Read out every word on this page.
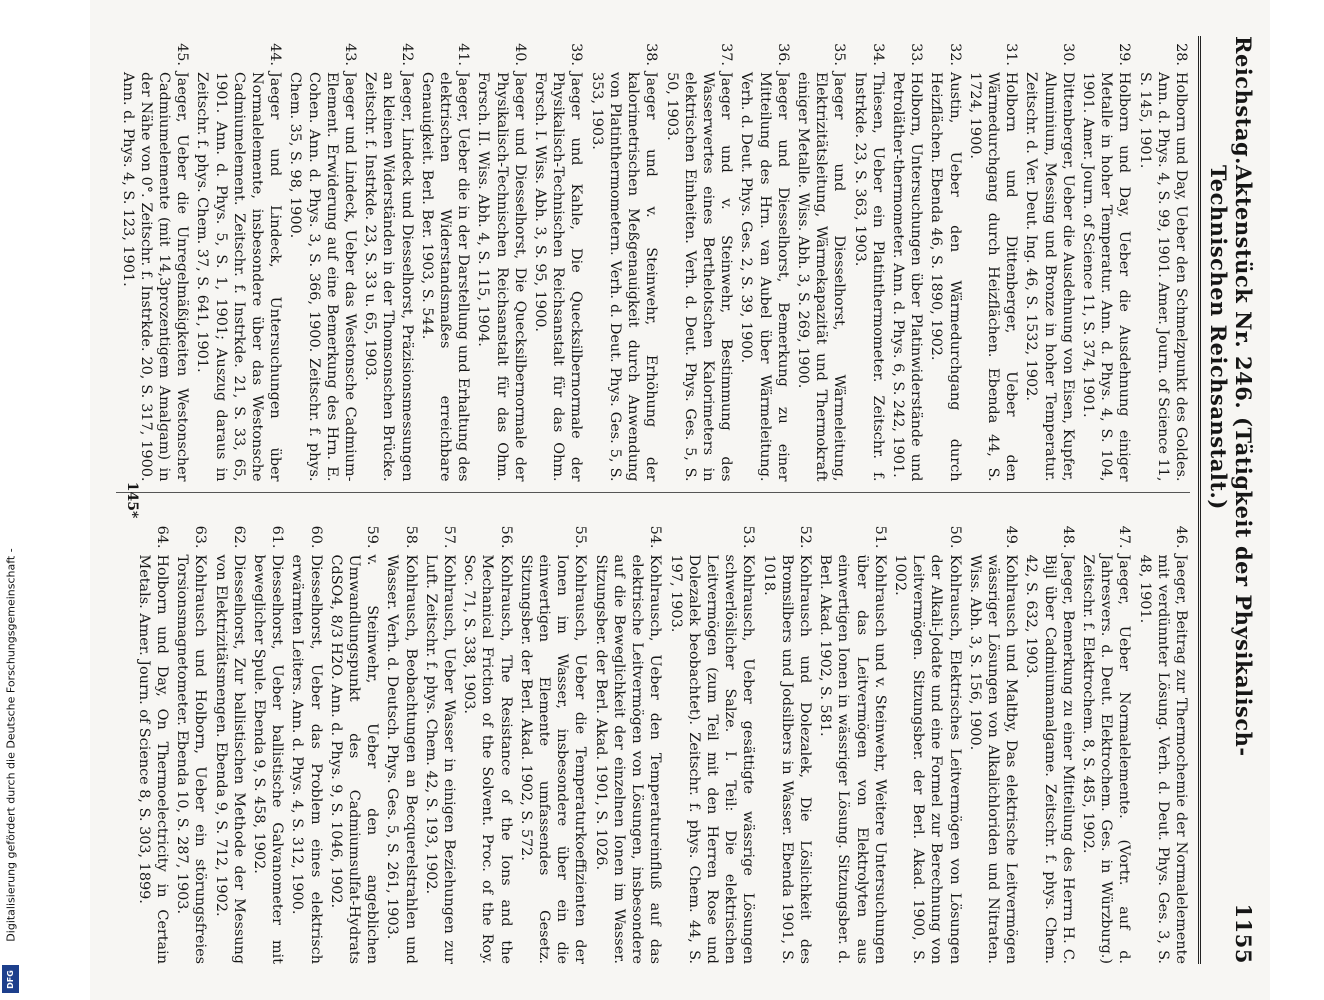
Digitalisierung gefördert durch die Deutsche Forschungsgemeinschaft -
DFG
Reichstag.
Aktenstück Nr. 246. (Tätigkeit der Physikalisch-Technischen Reichsanstalt.)
1155
28.
Holborn und Day, Ueber den Schmelzpunkt des Goldes. Ann. d. Phys. 4, S. 99, 1901. Amer. Journ. of Science 11, S. 145, 1901.
29.
Holborn und Day, Ueber die Ausdehnung einiger Metalle in hoher Temperatur. Ann. d. Phys. 4, S. 104, 1901. Amer. Journ. of Science 11, S. 374, 1901.
30.
Dittenberger, Ueber die Ausdehnung von Eisen, Kupfer, Aluminium, Messing und Bronze in hoher Temperatur. Zeitschr. d. Ver. Deut. Ing. 46, S. 1532, 1902.
31.
Holborn und Dittenberger, Ueber den Wärmedurchgang durch Heizflächen. Ebenda 44, S. 1724, 1900.
32.
Austin, Ueber den Wärmedurchgang durch Heizflächen. Ebenda 46, S. 1890, 1902.
33.
Holborn, Untersuchungen über Platinwiderstände und Petroläther-thermometer. Ann. d. Phys. 6, S. 242, 1901.
34.
Thiesen, Ueber ein Platinthermometer. Zeitschr. f. Instrkde. 23, S. 363, 1903.
35.
Jaeger und Diesselhorst, Wärmeleitung, Elektrizitätsleitung, Wärmekapazität und Thermokraft einiger Metalle. Wiss. Abh. 3, S. 269, 1900.
36.
Jaeger und Diesselhorst, Bemerkung zu einer Mitteilung des Hrn. van Aubel über Wärmeleitung. Verh. d. Deut. Phys. Ges. 2, S. 39, 1900.
37.
Jaeger und v. Steinwehr, Bestimmung des Wasserwertes eines Berthelotschen Kalorimeters in elektrischen Einheiten. Verh. d. Deut. Phys. Ges. 5, S. 50, 1903.
38.
Jaeger und v. Steinwehr, Erhöhung der kalorimetrischen Meßgenauigkeit durch Anwendung von Platinthermometern. Verh. d. Deut. Phys. Ges. 5, S. 353, 1903.
39.
Jaeger und Kahle, Die Quecksilbernormale der Physikalisch-Technischen Reichsanstalt für das Ohm. Forsch. I. Wiss. Abh. 3, S. 95, 1900.
40.
Jaeger und Diesselhorst, Die Quecksilbernormale der Physikalisch-Technischen Reichsanstalt für das Ohm. Forsch. II. Wiss. Abh. 4, S. 115, 1904.
41.
Jaeger, Ueber die in der Darstellung und Erhaltung des elektrischen Widerstandsmaßes erreichbare Genauigkeit. Berl. Ber. 1903, S. 544.
42.
Jaeger, Lindeck und Diesselhorst, Präzisionsmessungen an kleinen Widerständen in der Thomsonschen Brücke. Zeitschr. f. Instrkde. 23, S. 33 u. 65, 1903.
43.
Jaeger und Lindeck, Ueber das Westonsche Cadmium-Element. Erwiderung auf eine Bemerkung des Hrn. E. Cohen. Ann. d. Phys. 3, S. 366, 1900. Zeitschr. f. phys. Chem. 35, S. 98, 1900.
44.
Jaeger und Lindeck, Untersuchungen über Normalelemente, insbesondere über das Westonsche Cadmiumelement. Zeitschr. f. Instrkde. 21, S. 33, 65, 1901. Ann. d. Phys. 5, S. 1, 1901; Auszug daraus in Zeitschr. f. phys. Chem. 37, S. 641, 1901.
45.
Jaeger, Ueber die Unregelmäßigkeiten Westonscher Cadmiumelemente (mit 14,3prozentigem Amalgam) in der Nähe von 0°. Zeitschr. f. Instrkde. 20, S. 317, 1900. Ann. d. Phys. 4, S. 123, 1901.
46.
Jaeger, Beitrag zur Thermochemie der Normalelemente mit verdünnter Lösung. Verh. d. Deut. Phys. Ges. 3, S. 48, 1901.
47.
Jaeger, Ueber Normalelemente. (Vortr. auf d. Jahresvers. d. Deut. Elektrochem. Ges. in Würzburg.) Zeitschr. f. Elektrochem. 8, S. 485, 1902.
48.
Jaeger, Bemerkung zu einer Mitteilung des Herrn H. C. Bijl über Cadmiumamalgame. Zeitschr. f. phys. Chem. 42, S. 632, 1903.
49.
Kohlrausch und Maltby, Das elektrische Leitvermögen wässriger Lösungen von Alkalichloriden und Nitraten. Wiss. Abh. 3, S. 156, 1900.
50.
Kohlrausch, Elektrisches Leitvermögen von Lösungen der Alkali-Jodate und eine Formel zur Berechnung von Leitvermögen. Sitzungsber. der Berl. Akad. 1900, S. 1002.
51.
Kohlrausch und v. Steinwehr, Weitere Untersuchungen über das Leitvermögen von Elektrolyten aus einwertigen Ionen in wässriger Lösung. Sitzungsber. d. Berl. Akad. 1902, S. 581.
52.
Kohlrausch und Dolezalek, Die Löslichkeit des Bromsilbers und Jodsilbers in Wasser. Ebenda 1901, S. 1018.
53.
Kohlrausch, Ueber gesättigte wässrige Lösungen schwerlöslicher Salze. I. Teil: Die elektrischen Leitvermögen (zum Teil mit den Herren Rose und Dolezalek beobachtet). Zeitschr. f. phys. Chem. 44, S. 197, 1903.
54.
Kohlrausch, Ueber den Temperatureinfluß auf das elektrische Leitvermögen von Lösungen, insbesondere auf die Beweglichkeit der einzelnen Ionen im Wasser. Sitzungsber. der Berl. Akad. 1901, S. 1026.
55.
Kohlrausch, Ueber die Temperaturkoeffizienten der Ionen im Wasser, insbesondere über ein die einwertigen Elemente umfassendes Gesetz. Sitzungsber. der Berl. Akad. 1902, S. 572.
56.
Kohlrausch, The Resistance of the Ions and the Mechanical Friction of the Solvent. Proc. of the Roy. Soc. 71, S. 338, 1903.
57.
Kohlrausch, Ueber Wasser in einigen Beziehungen zur Luft. Zeitschr. f. phys. Chem. 42, S. 193, 1902.
58.
Kohlrausch, Beobachtungen an Becquerelstrahlen und Wasser. Verh. d. Deutsch. Phys. Ges. 5, S. 261, 1903.
59.
v. Steinwehr, Ueber den angeblichen Umwandlungspunkt des Cadmiumsulfat-Hydrats CdSO4, 8/3 H2O. Ann. d. Phys. 9, S. 1046, 1902.
60.
Diesselhorst, Ueber das Problem eines elektrisch erwärmten Leiters. Ann. d. Phys. 4, S. 312, 1900.
61.
Diesselhorst, Ueber ballistische Galvanometer mit beweglicher Spule. Ebenda 9, S. 458, 1902.
62.
Diesselhorst, Zur ballistischen Methode der Messung von Elektrizitätsmengen. Ebenda 9, S. 712, 1902.
63.
Kohlrausch und Holborn, Ueber ein störungsfreies Torsionsmagnetometer. Ebenda 10, S. 287, 1903.
64.
Holborn und Day, On Thermoelectricity in Certain Metals. Amer. Journ. of Science 8, S. 303, 1899.
145*
